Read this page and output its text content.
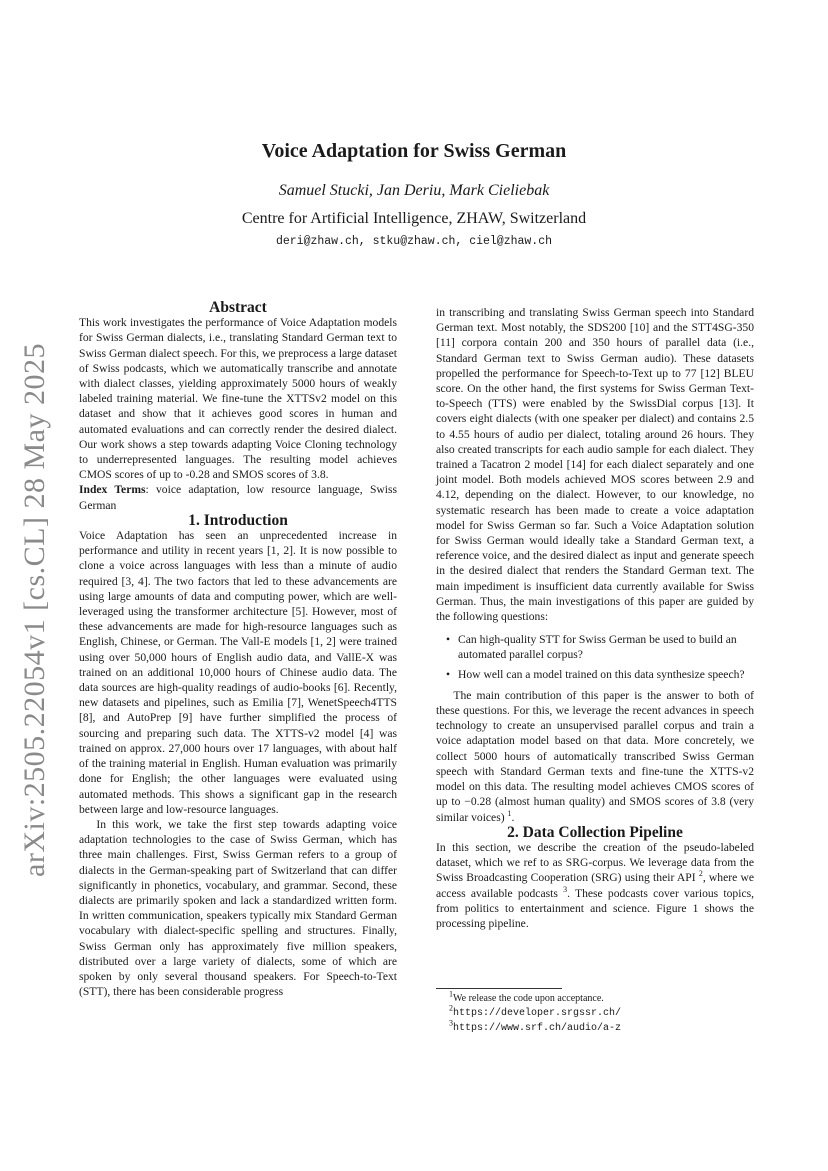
arXiv:2505.22054v1 [cs.CL] 28 May 2025
Voice Adaptation for Swiss German
Samuel Stucki, Jan Deriu, Mark Cieliebak
Centre for Artificial Intelligence, ZHAW, Switzerland
deri@zhaw.ch, stku@zhaw.ch, ciel@zhaw.ch
Abstract

This work investigates the performance of Voice Adaptation models for Swiss German dialects, i.e., translating Standard German text to Swiss German dialect speech. For this, we preprocess a large dataset of Swiss podcasts, which we automatically transcribe and annotate with dialect classes, yielding approximately 5000 hours of weakly labeled training material. We fine-tune the XTTSv2 model on this dataset and show that it achieves good scores in human and automated evaluations and can correctly render the desired dialect. Our work shows a step towards adapting Voice Cloning technology to underrepresented languages. The resulting model achieves CMOS scores of up to -0.28 and SMOS scores of 3.8.

Index Terms: voice adaptation, low resource language, Swiss German

1. Introduction

Voice Adaptation has seen an unprecedented increase in performance and utility in recent years [1, 2]. It is now possible to clone a voice across languages with less than a minute of audio required [3, 4]. The two factors that led to these advancements are using large amounts of data and computing power, which are well-leveraged using the transformer architecture [5]. However, most of these advancements are made for high-resource languages such as English, Chinese, or German. The Vall-E models [1, 2] were trained using over 50,000 hours of English audio data, and VallE-X was trained on an additional 10,000 hours of Chinese audio data. The data sources are high-quality readings of audio-books [6]. Recently, new datasets and pipelines, such as Emilia [7], WenetSpeech4TTS [8], and AutoPrep [9] have further simplified the process of sourcing and preparing such data. The XTTS-v2 model [4] was trained on approx. 27,000 hours over 17 languages, with about half of the training material in English. Human evaluation was primarily done for English; the other languages were evaluated using automated methods. This shows a significant gap in the research between large and low-resource languages.

In this work, we take the first step towards adapting voice adaptation technologies to the case of Swiss German, which has three main challenges. First, Swiss German refers to a group of dialects in the German-speaking part of Switzerland that can differ significantly in phonetics, vocabulary, and grammar. Second, these dialects are primarily spoken and lack a standardized written form. In written communication, speakers typically mix Standard German vocabulary with dialect-specific spelling and structures. Finally, Swiss German only has approximately five million speakers, distributed over a large variety of dialects, some of which are spoken by only several thousand speakers. For Speech-to-Text (STT), there has been considerable progress

in transcribing and translating Swiss German speech into Standard German text. Most notably, the SDS200 [10] and the STT4SG-350 [11] corpora contain 200 and 350 hours of parallel data (i.e., Standard German text to Swiss German audio). These datasets propelled the performance for Speech-to-Text up to 77 [12] BLEU score. On the other hand, the first systems for Swiss German Text-to-Speech (TTS) were enabled by the SwissDial corpus [13]. It covers eight dialects (with one speaker per dialect) and contains 2.5 to 4.55 hours of audio per dialect, totaling around 26 hours. They also created transcripts for each audio sample for each dialect. They trained a Tacatron 2 model [14] for each dialect separately and one joint model. Both models achieved MOS scores between 2.9 and 4.12, depending on the dialect. However, to our knowledge, no systematic research has been made to create a voice adaptation model for Swiss German so far. Such a Voice Adaptation solution for Swiss German would ideally take a Standard German text, a reference voice, and the desired dialect as input and generate speech in the desired dialect that renders the Standard German text. The main impediment is insufficient data currently available for Swiss German. Thus, the main investigations of this paper are guided by the following questions:

• Can high-quality STT for Swiss German be used to build an automated parallel corpus?
• How well can a model trained on this data synthesize speech?

The main contribution of this paper is the answer to both of these questions. For this, we leverage the recent advances in speech technology to create an unsupervised parallel corpus and train a voice adaptation model based on that data. More concretely, we collect 5000 hours of automatically transcribed Swiss German speech with Standard German texts and fine-tune the XTTS-v2 model on this data. The resulting model achieves CMOS scores of up to −0.28 (almost human quality) and SMOS scores of 3.8 (very similar voices) $^1$.

2. Data Collection Pipeline

In this section, we describe the creation of the pseudo-labeled dataset, which we ref to as SRG-corpus. We leverage data from the Swiss Broadcasting Cooperation (SRG) using their API $^2$, where we access available podcasts $^3$. These podcasts cover various topics, from politics to entertainment and science. Figure 1 shows the processing pipeline.

$^1$We release the code upon acceptance.
$^2$https://developer.srgssr.ch/
$^3$https://www.srf.ch/audio/a-z
